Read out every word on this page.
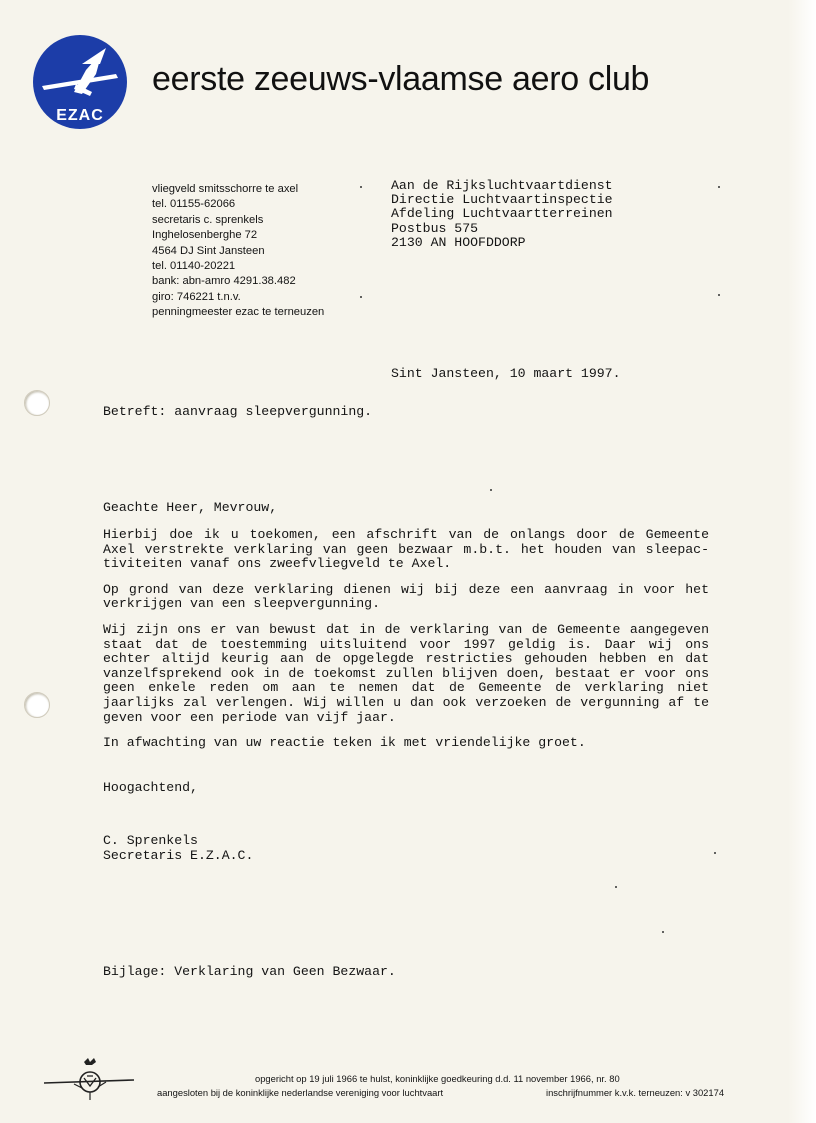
EZAC
eerste zeeuws-vlaamse aero club
vliegveld smitsschorre te axel
tel. 01155-62066
secretaris c. sprenkels
Inghelosenberghe 72
4564 DJ Sint Jansteen
tel. 01140-20221
bank: abn-amro 4291.38.482
giro: 746221 t.n.v.
penningmeester ezac te terneuzen
Aan de Rijksluchtvaartdienst
Directie Luchtvaartinspectie
Afdeling Luchtvaartterreinen
Postbus 575
2130 AN HOOFDDORP
Sint Jansteen, 10 maart 1997.
Betreft: aanvraag sleepvergunning.
Geachte Heer, Mevrouw,

Hierbij doe ik u toekomen, een afschrift van de onlangs door de Gemeente
Axel verstrekte verklaring van geen bezwaar m.b.t. het houden van sleepac-
tiviteiten vanaf ons zweefvliegveld te Axel.

Op grond van deze verklaring dienen wij bij deze een aanvraag in voor het
verkrijgen van een sleepvergunning.

Wij zijn ons er van bewust dat in de verklaring van de Gemeente aangegeven
staat dat de toestemming uitsluitend voor 1997 geldig is. Daar wij ons
echter altijd keurig aan de opgelegde restricties gehouden hebben en dat
vanzelfsprekend ook in de toekomst zullen blijven doen, bestaat er voor ons
geen enkele reden om aan te nemen dat de Gemeente de verklaring niet
jaarlijks zal verlengen. Wij willen u dan ook verzoeken de vergunning af te
geven voor een periode van vijf jaar.

In afwachting van uw reactie teken ik met vriendelijke groet.

Hoogachtend,
C. Sprenkels
Secretaris E.Z.A.C.
Bijlage: Verklaring van Geen Bezwaar.
opgericht op 19 juli 1966 te hulst, koninklijke goedkeuring d.d. 11 november 1966, nr. 80
aangesloten bij de koninklijke nederlandse vereniging voor luchtvaart	inschrijfnummer k.v.k. terneuzen: v 302174
